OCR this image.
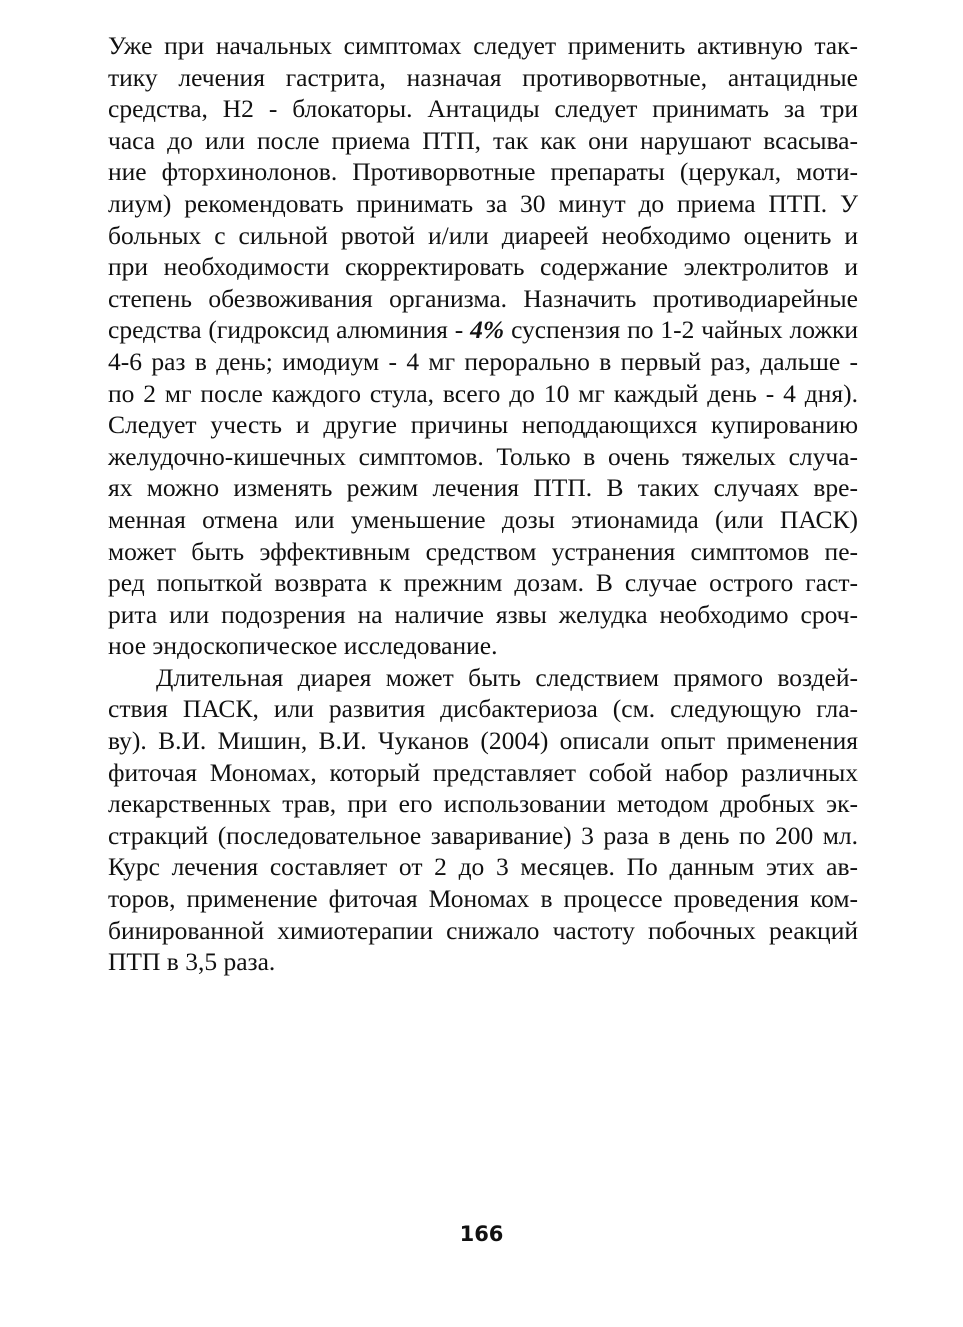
Уже при начальных симптомах следует применить активную так-
тику лечения гастрита, назначая противорвотные, антацидные
средства, Н2 - блокаторы. Антациды следует принимать за три
часа до или после приема ПТП, так как они нарушают всасыва-
ние фторхинолонов. Противорвотные препараты (церукал, моти-
лиум) рекомендовать принимать за 30 минут до приема ПТП. У
больных с сильной рвотой и/или диареей необходимо оценить и
при необходимости скорректировать содержание электролитов и
степень обезвоживания организма. Назначить противодиарейные
средства (гидроксид алюминия - 4% суспензия по 1-2 чайных ложки
4-6 раз в день; имодиум - 4 мг перорально в первый раз, дальше -
по 2 мг после каждого стула, всего до 10 мг каждый день - 4 дня).
Следует учесть и другие причины неподдающихся купированию
желудочно-кишечных симптомов. Только в очень тяжелых случа-
ях можно изменять режим лечения ПТП. В таких случаях вре-
менная отмена или уменьшение дозы этионамида (или ПАСК)
может быть эффективным средством устранения симптомов пе-
ред попыткой возврата к прежним дозам. В случае острого гаст-
рита или подозрения на наличие язвы желудка необходимо сроч-
ное эндоскопическое исследование.
Длительная диарея может быть следствием прямого воздей-
ствия ПАСК, или развития дисбактериоза (см. следующую гла-
ву). В.И. Мишин, В.И. Чуканов (2004) описали опыт применения
фиточая Мономах, который представляет собой набор различных
лекарственных трав, при его использовании методом дробных эк-
стракций (последовательное заваривание) 3 раза в день по 200 мл.
Курс лечения составляет от 2 до 3 месяцев. По данным этих ав-
торов, применение фиточая Мономах в процессе проведения ком-
бинированной химиотерапии снижало частоту побочных реакций
ПТП в 3,5 раза.
166
